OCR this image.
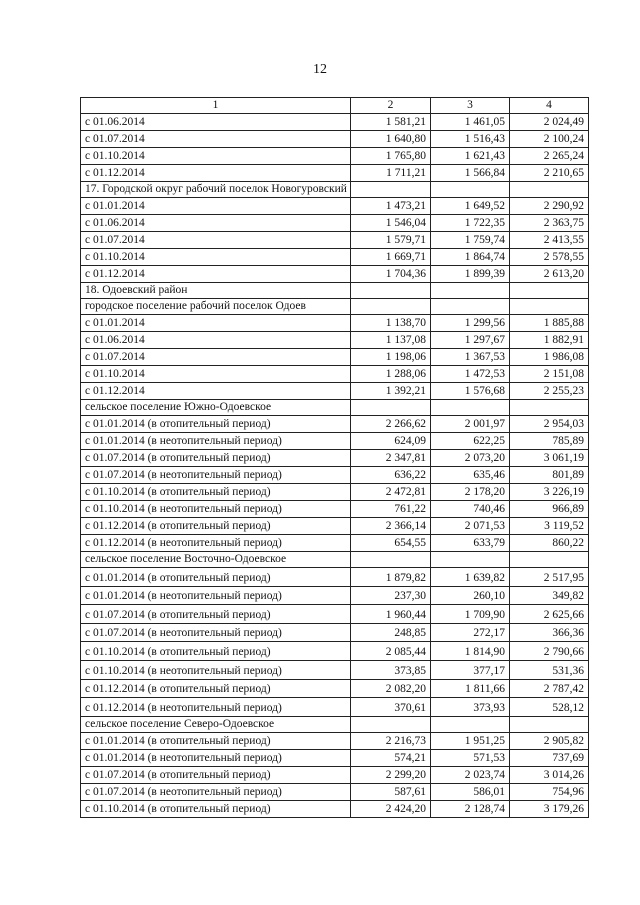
12
1	2	3	4
с 01.06.2014	1 581,21	1 461,05	2 024,49
с 01.07.2014	1 640,80	1 516,43	2 100,24
с 01.10.2014	1 765,80	1 621,43	2 265,24
с 01.12.2014	1 711,21	1 566,84	2 210,65
17. Городской округ рабочий поселок Новогуровский			
с 01.01.2014	1 473,21	1 649,52	2 290,92
с 01.06.2014	1 546,04	1 722,35	2 363,75
с 01.07.2014	1 579,71	1 759,74	2 413,55
с 01.10.2014	1 669,71	1 864,74	2 578,55
с 01.12.2014	1 704,36	1 899,39	2 613,20
18. Одоевский район			
городское поселение рабочий поселок Одоев			
с 01.01.2014	1 138,70	1 299,56	1 885,88
с 01.06.2014	1 137,08	1 297,67	1 882,91
с 01.07.2014	1 198,06	1 367,53	1 986,08
с 01.10.2014	1 288,06	1 472,53	2 151,08
с 01.12.2014	1 392,21	1 576,68	2 255,23
сельское поселение Южно-Одоевское			
с 01.01.2014 (в отопительный период)	2 266,62	2 001,97	2 954,03
с 01.01.2014 (в неотопительный период)	624,09	622,25	785,89
с 01.07.2014 (в отопительный период)	2 347,81	2 073,20	3 061,19
с 01.07.2014 (в неотопительный период)	636,22	635,46	801,89
с 01.10.2014 (в отопительный период)	2 472,81	2 178,20	3 226,19
с 01.10.2014 (в неотопительный период)	761,22	740,46	966,89
с 01.12.2014 (в отопительный период)	2 366,14	2 071,53	3 119,52
с 01.12.2014 (в неотопительный период)	654,55	633,79	860,22
сельское поселение Восточно-Одоевское			
с 01.01.2014 (в отопительный период)	1 879,82	1 639,82	2 517,95
с 01.01.2014 (в неотопительный период)	237,30	260,10	349,82
с 01.07.2014 (в отопительный период)	1 960,44	1 709,90	2 625,66
с 01.07.2014 (в неотопительный период)	248,85	272,17	366,36
с 01.10.2014 (в отопительный период)	2 085,44	1 814,90	2 790,66
с 01.10.2014 (в неотопительный период)	373,85	377,17	531,36
с 01.12.2014 (в отопительный период)	2 082,20	1 811,66	2 787,42
с 01.12.2014 (в неотопительный период)	370,61	373,93	528,12
сельское поселение Северо-Одоевское			
с 01.01.2014 (в отопительный период)	2 216,73	1 951,25	2 905,82
с 01.01.2014 (в неотопительный период)	574,21	571,53	737,69
с 01.07.2014 (в отопительный период)	2 299,20	2 023,74	3 014,26
с 01.07.2014 (в неотопительный период)	587,61	586,01	754,96
с 01.10.2014 (в отопительный период)	2 424,20	2 128,74	3 179,26
